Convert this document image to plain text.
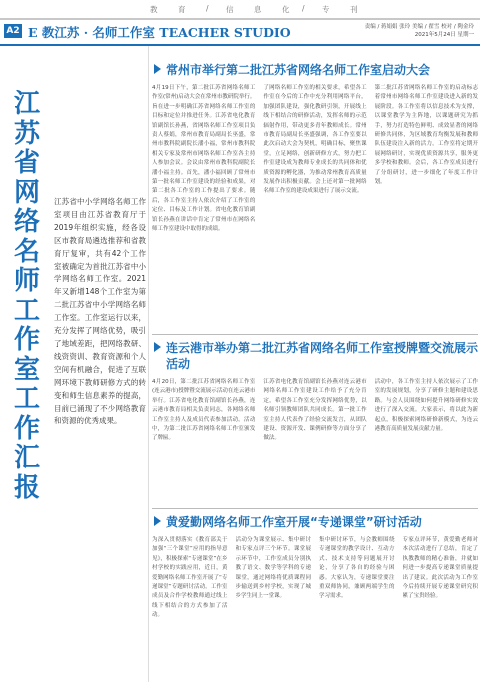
教	育	/ 信	息	化 / 专	刊
A2 E 教江苏 · 名师工作室 TEACHER STUDIO	责编 / 蒋娟娟 张玲 美编 / 翟雪 校对 / 陶金玲
2021年5月24日 星期一
江
苏
省
网
络
名
师
工
作
室
工
作
汇
报
江苏省中小学网络名师工作室项目由江苏省教育厅于2019年组织实施，经各设区市教育局遴选推荐和省教育厅复审，共有42个工作室被确定为首批江苏省中小学网络名师工作室。2021年又新增148个工作室为第二批江苏省中小学网络名师工作室。工作室运行以来，充分发挥了网络优势，吸引了地域差距，把网络教研、线资资训、教育资源和个人空间有机融合，促进了互联网环境下教师研修方式的转变和师生信息素养的提高，目前已涌现了不少网络教育和资源的优秀成果。
常州市举行第二批江苏省网络名师工作室启动大会
4月19日下午，第二批江苏省网络名师工作室(常州)启动大会在常州市教研院举行。旨在进一步明确江苏省网络名师工作室的目标和定位并推进任务。江苏省电化教育馆副馆长孙燕，省网络名师工作室项目负责人蔡娟，常州市教育局副局长巫盛，常州市教科院副院长潘小福，常州市教科院相关专家及常州市网络名师工作室各主持人参加会议。会议由常州市教科院副院长潘小福主持。首先，潘小福回顾了常州市第一批名师工作室建设的经验和成果，对第二批各工作室的工作提出了要求。随后，各工作室主持人依次介绍了工作室的定位、目标及工作计划。省电化教育馆副馆长孙燕在讲话中肯定了常州市在网络名师工作室建设中取得的成绩。
了网络名师工作室的相关要求，希望各工作室在今后的工作中充分利用网络平台，加强团队建设，强化教研引领，开展线上线下相结合的研修活动，发挥名师的示范辐射作用，带动更多青年教师成长。常州市教育局副局长巫盛强调，各工作室要以此次启动大会为契机，明确目标，聚焦课堂，立足网络，创新研修方式，努力把工作室建设成为教师专业成长的共同体和优质资源的孵化器，为推动常州教育高质量发展作出积极贡献。会上还对第一批网络名师工作室的建设成果进行了展示交流。
第二批江苏省网络名师工作室的启动标志着常州市网络名师工作室建设进入新的发展阶段。各工作室将以信息技术为支撑，以课堂教学为主阵地，以课题研究为抓手，努力打造特色鲜明、成效显著的网络研修共同体，为区域教育均衡发展和教师队伍建设注入新的活力。工作室将定期开展网络研讨，实现优质资源共享，服务更多学校和教师。会后，各工作室成员进行了分组研讨，进一步细化了年度工作计划。
连云港市举办第二批江苏省网络名师工作室授牌暨交流展示活动
4月20日，第二批江苏省网络名师工作室(连云港市)授牌暨交流展示活动在连云港市举行。江苏省电化教育馆副馆长孙燕，连云港市教育局相关负责同志，各网络名师工作室主持人及成员代表参加活动。活动中，为第二批江苏省网络名师工作室颁发了牌匾。
江苏省电化教育馆副馆长孙燕对连云港市网络名师工作室建设工作给予了充分肯定，希望各工作室充分发挥网络优势，以名师引领教师团队共同成长。第一批工作室主持人代表作了经验交流发言，从团队建设、资源开发、课例研修等方面分享了做法。
活动中，各工作室主持人依次展示了工作室的发展规划，分享了研修主题和建设思路。与会人员围绕如何提升网络研修实效进行了深入交流。大家表示，将以此为新起点，积极探索网络研修新模式，为连云港教育高质量发展贡献力量。
黄爱勤网络名师工作室开展“专递课堂”研讨活动
为深入贯彻落实《教育部关于加强“三个课堂”应用的指导意见》，积极探索“专递课堂”在乡村学校的实践应用，近日，黄爱勤网络名师工作室开展了“专递课堂”专题研讨活动。工作室成员及合作学校教师通过线上线下相结合的方式参加了活动。
活动分为课堂展示、集中研讨和专家点评三个环节。课堂展示环节中，工作室成员分别执教了语文、数学等学科的专递课堂，通过网络将优质课程同步输送到乡村学校，实现了城乡学生同上一堂课。
集中研讨环节，与会教师围绕专递课堂的教学设计、互动方式、技术支持等问题展开讨论，分享了各自的经验与困惑。大家认为，专递课堂要注重双师协同，兼顾两端学生的学习需求。
专家点评环节，黄爱勤老师对本次活动进行了总结，肯定了执教教师的精心准备，并就如何进一步提高专递课堂质量提出了建议。此次活动为工作室今后持续开展专递课堂研究积累了宝贵经验。
